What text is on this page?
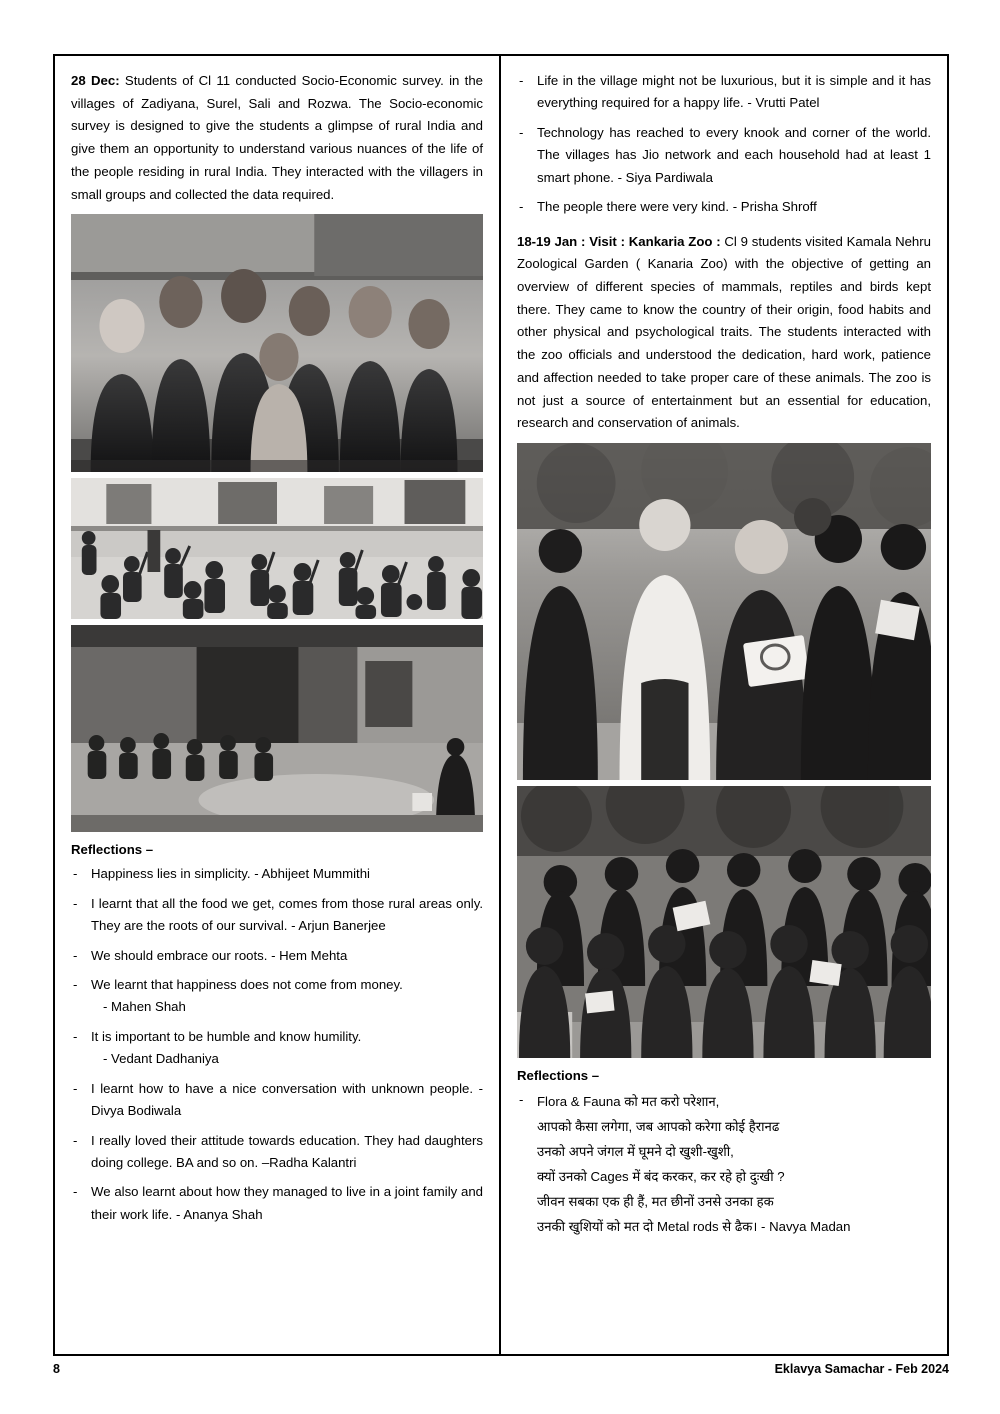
28 Dec: Students of Cl 11 conducted Socio-Economic survey. in the villages of Zadiyana, Surel, Sali and Rozwa. The Socio-economic survey is designed to give the students a glimpse of rural India and give them an opportunity to understand various nuances of the life of the people residing in rural India. They interacted with the villagers in small groups and collected the data required.

Reflections –
- Happiness lies in simplicity. - Abhijeet Mummithi
- I learnt that all the food we get, comes from those rural areas only. They are the roots of our survival. - Arjun Banerjee
- We should embrace our roots. - Hem Mehta
- We learnt that happiness does not come from money.
- Mahen Shah
- It is important to be humble and know humility.
- Vedant Dadhaniya
- I learnt how to have a nice conversation with unknown people. - Divya Bodiwala
- I really loved their attitude towards education. They had daughters doing college. BA and so on. –Radha Kalantri
- We also learnt about how they managed to live in a joint family and their work life. - Ananya Shah
- Life in the village might not be luxurious, but it is simple and it has everything required for a happy life. - Vrutti Patel
- Technology has reached to every knook and corner of the world. The villages has Jio network and each household had at least 1 smart phone. - Siya Pardiwala
- The people there were very kind. - Prisha Shroff

18-19 Jan : Visit : Kankaria Zoo : Cl 9 students visited Kamala Nehru Zoological Garden ( Kanaria Zoo) with the objective of getting an overview of different species of mammals, reptiles and birds kept there. They came to know the country of their origin, food habits and other physical and psychological traits. The students interacted with the zoo officials and understood the dedication, hard work, patience and affection needed to take proper care of these animals. The zoo is not just a source of entertainment but an essential for education, research and conservation of animals.

Reflections –
- Flora & Fauna को मत करो परेशान,
आपको कैसा लगेगा, जब आपको करेगा कोई हैरानढ
उनको अपने जंगल में घूमने दो खुशी-खुशी,
क्यों उनको Cages में बंद करकर, कर रहे हो दुःखी ?
जीवन सबका एक ही हैं, मत छीनों उनसे उनका हक
उनकी खुशियों को मत दो Metal rods से ढैक। - Navya Madan
8	Eklavya Samachar - Feb 2024
